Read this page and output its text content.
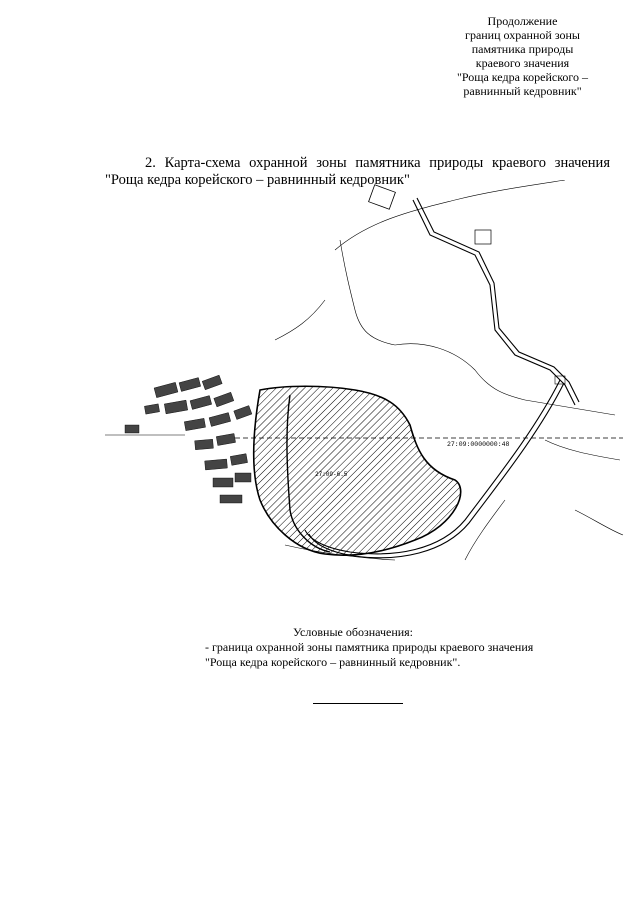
Продолжение
границ охранной зоны
памятника природы
краевого значения
"Роща кедра корейского –
равнинный кедровник"
2. Карта-схема охранной зоны памятника природы краевого значения
"Роща кедра корейского – равнинный кедровник"
27:09:0000000:48
27:09-6.5
Условные обозначения:
- граница охранной зоны памятника природы краевого значения
"Роща кедра корейского – равнинный кедровник".
